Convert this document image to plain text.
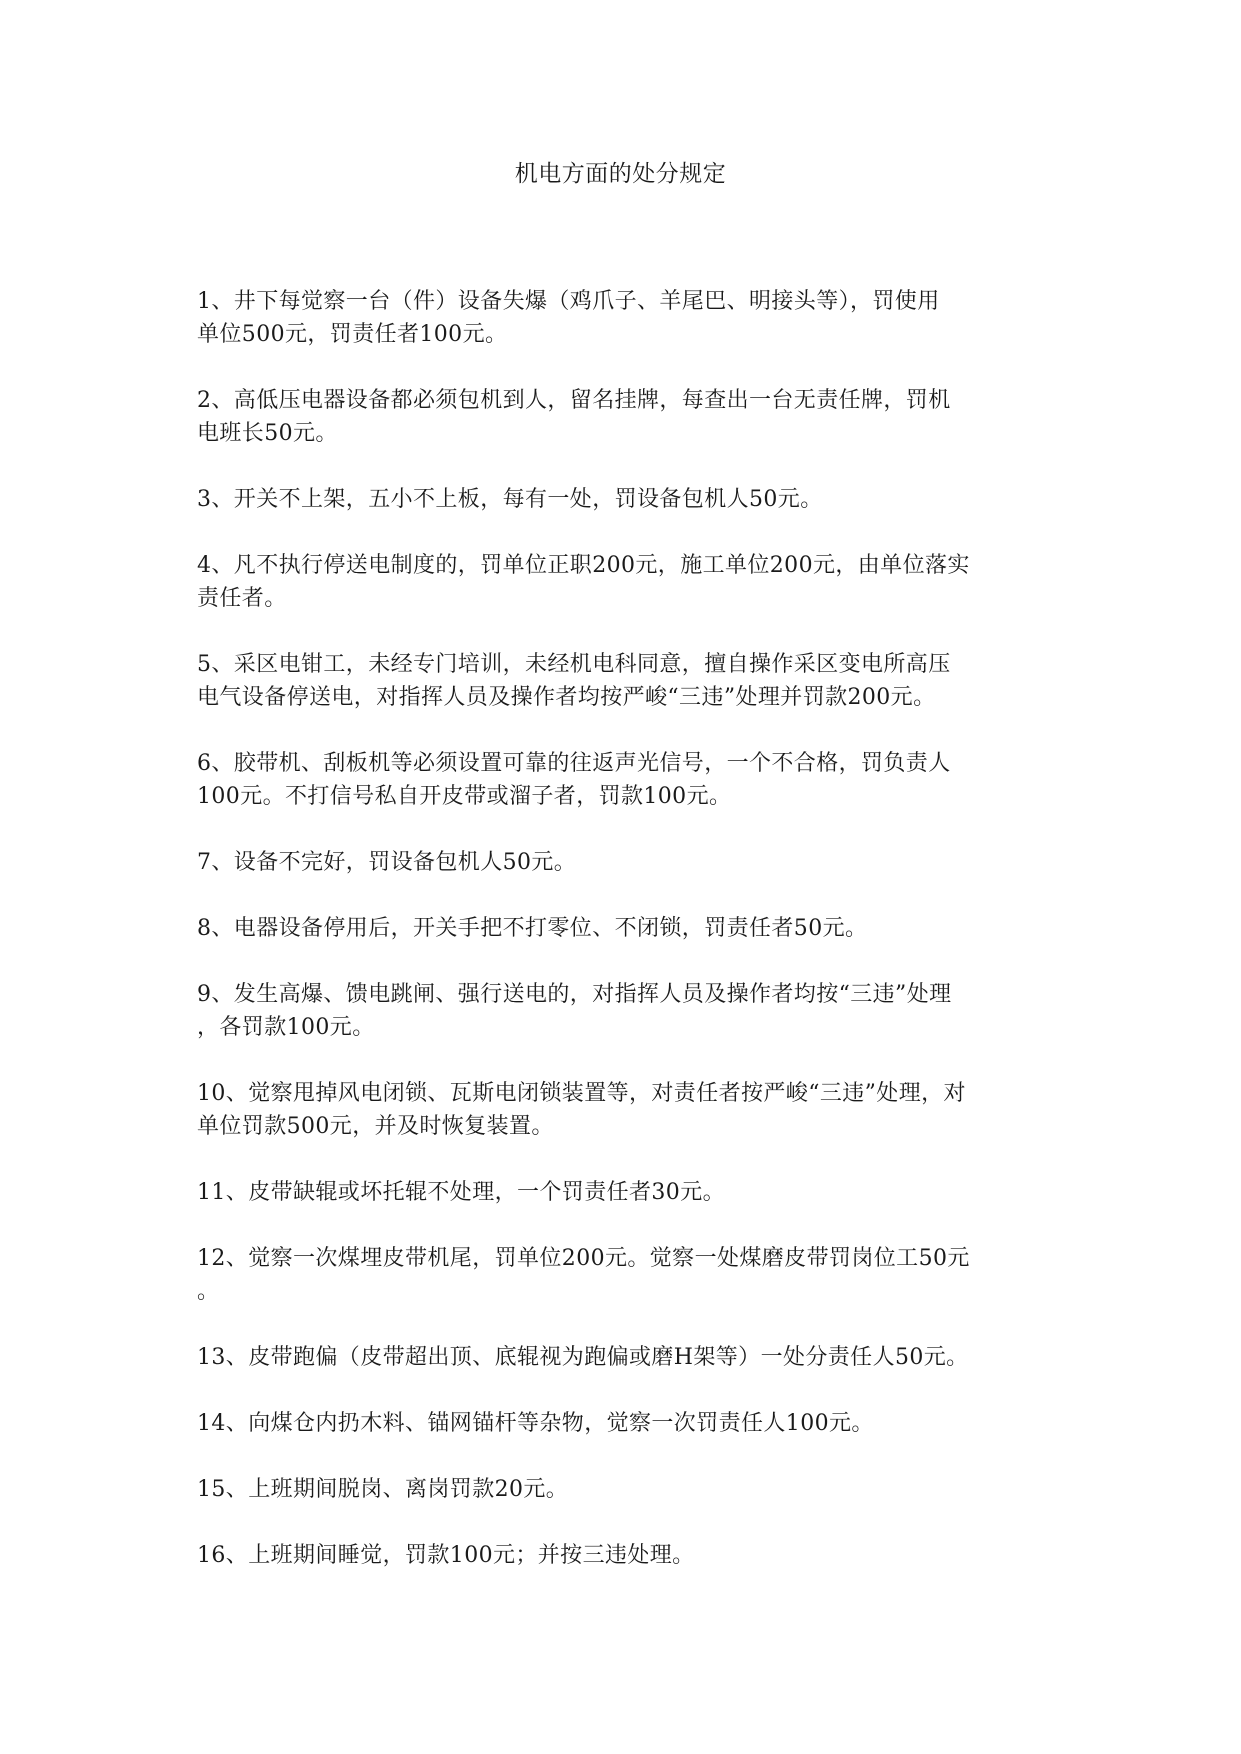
机电方面的处分规定
1、井下每觉察一台（件）设备失爆（鸡爪子、羊尾巴、明接头等），罚使用
单位500元，罚责任者100元。
2、高低压电器设备都必须包机到人，留名挂牌，每查出一台无责任牌，罚机
电班长50元。
3、开关不上架，五小不上板，每有一处，罚设备包机人50元。
4、凡不执行停送电制度的，罚单位正职200元，施工单位200元，由单位落实
责任者。
5、采区电钳工，未经专门培训，未经机电科同意，擅自操作采区变电所高压
电气设备停送电，对指挥人员及操作者均按严峻“三违”处理并罚款200元。
6、胶带机、刮板机等必须设置可靠的往返声光信号，一个不合格，罚负责人
100元。不打信号私自开皮带或溜子者，罚款100元。
7、设备不完好，罚设备包机人50元。
8、电器设备停用后，开关手把不打零位、不闭锁，罚责任者50元。
9、发生高爆、馈电跳闸、强行送电的，对指挥人员及操作者均按“三违”处理
，各罚款100元。
10、觉察甩掉风电闭锁、瓦斯电闭锁装置等，对责任者按严峻“三违”处理，对
单位罚款500元，并及时恢复装置。
11、皮带缺辊或坏托辊不处理，一个罚责任者30元。
12、觉察一次煤埋皮带机尾，罚单位200元。觉察一处煤磨皮带罚岗位工50元
。
13、皮带跑偏（皮带超出顶、底辊视为跑偏或磨H架等）一处分责任人50元。
14、向煤仓内扔木料、锚网锚杆等杂物，觉察一次罚责任人100元。
15、上班期间脱岗、离岗罚款20元。
16、上班期间睡觉，罚款100元；并按三违处理。
